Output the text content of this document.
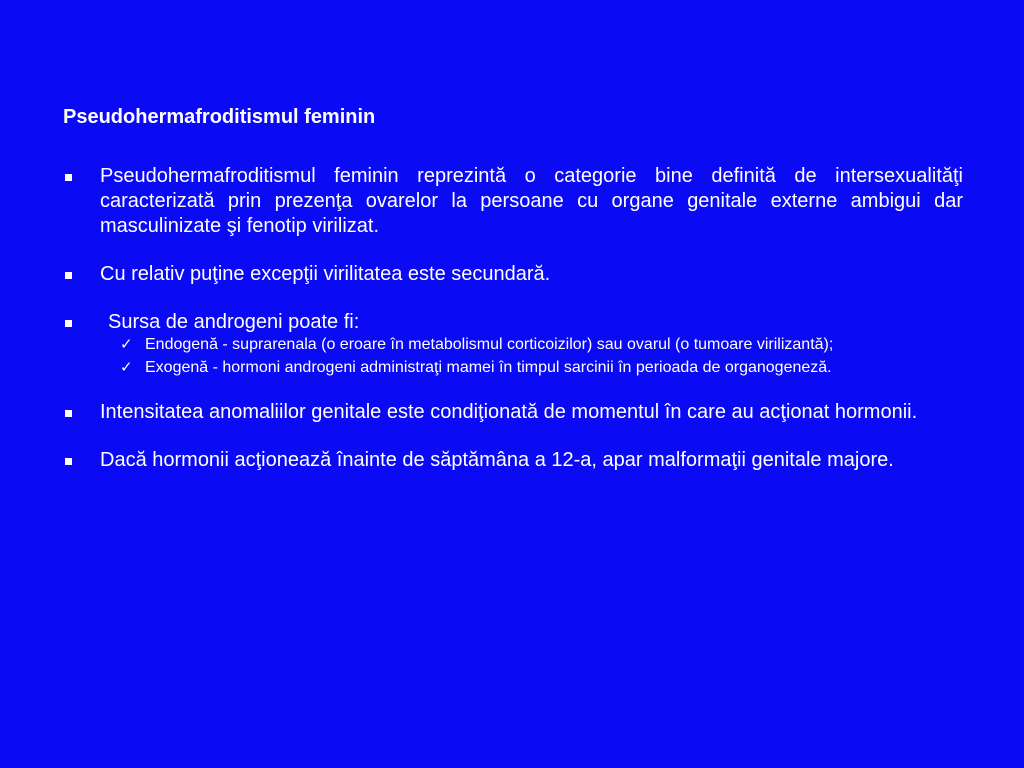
Pseudohermafroditismul feminin
Pseudohermafroditismul feminin reprezintă o categorie bine definită de intersexualităţi caracterizată prin prezenţa ovarelor la persoane cu organe genitale externe ambigui dar masculinizate şi fenotip virilizat.
Cu relativ puţine excepţii virilitatea este secundară.
Sursa de androgeni poate fi:
✓ Endogenă - suprarenala (o eroare în metabolismul corticoizilor) sau ovarul (o tumoare virilizantă);
✓ Exogenă - hormoni androgeni administraţi mamei în timpul sarcinii în perioada de organogeneză.
Intensitatea anomaliilor genitale este condiţionată de momentul în care au acţionat hormonii.
Dacă hormonii acţionează înainte de săptămâna a 12-a, apar malformaţii genitale majore.
